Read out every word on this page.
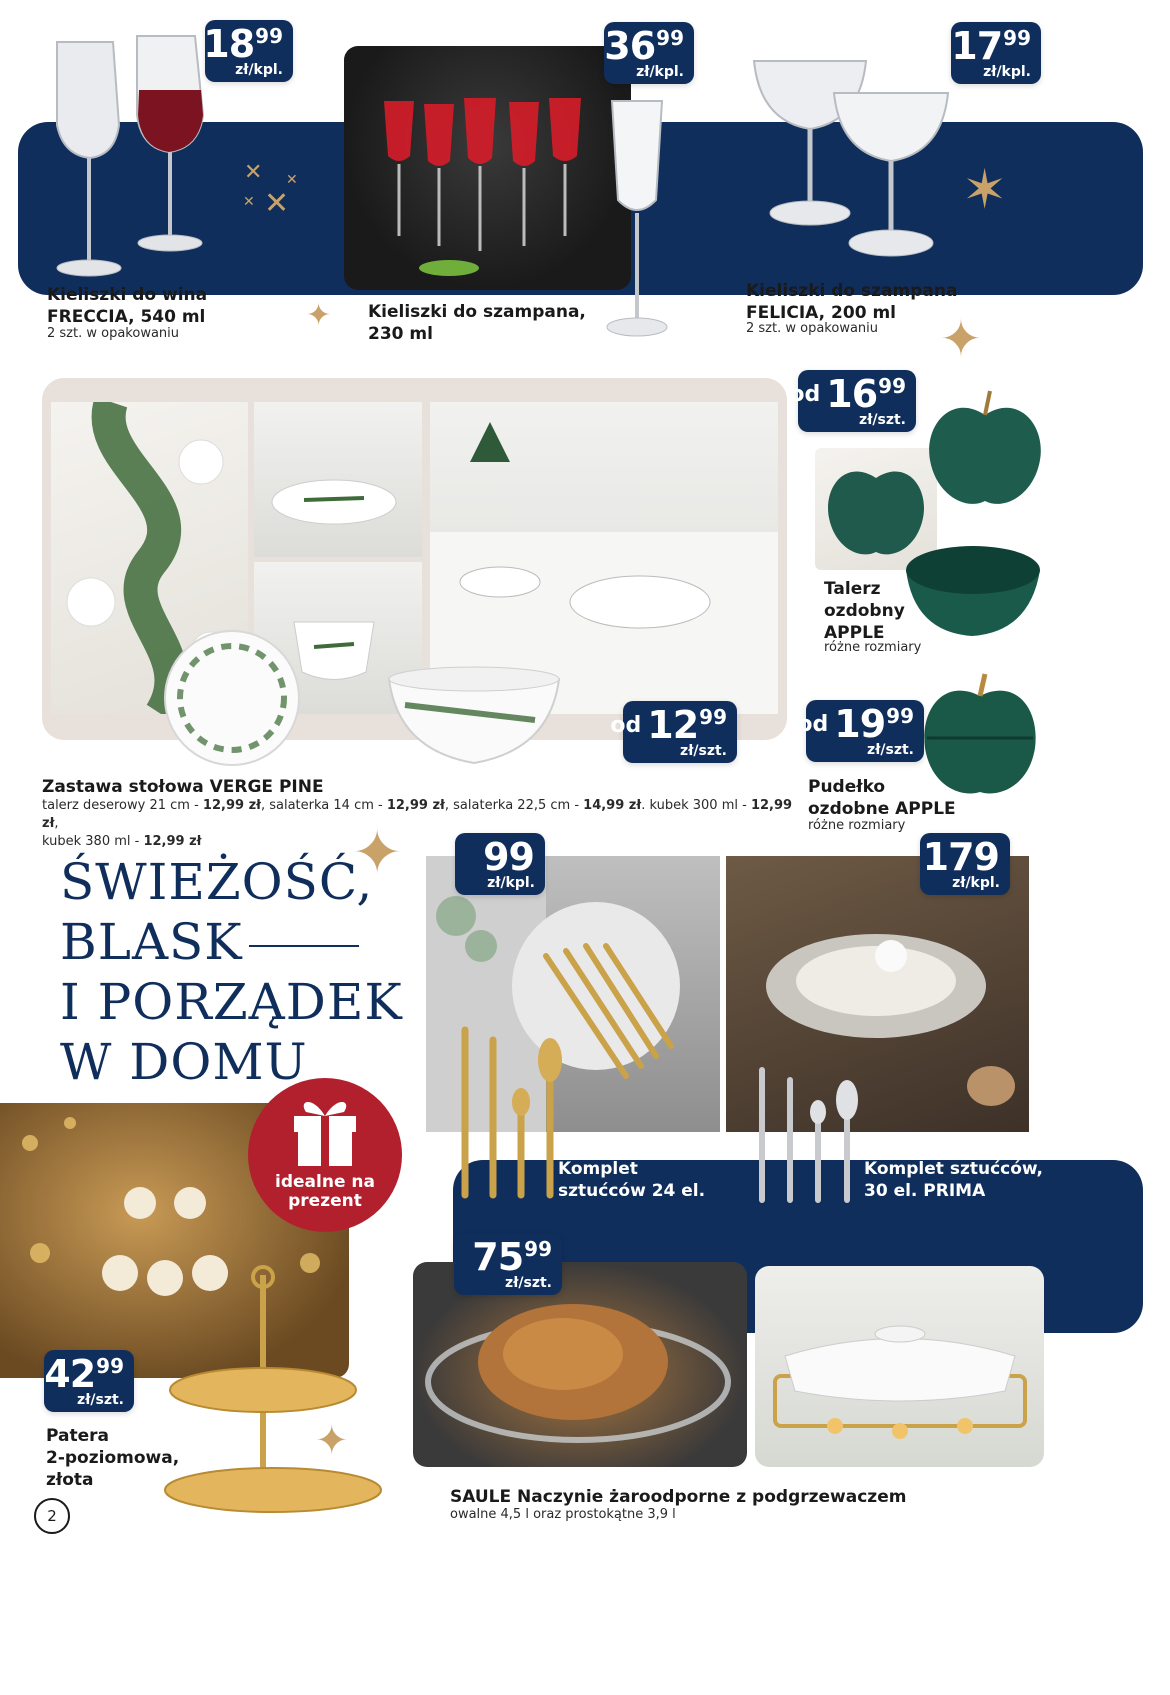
18 99
zł/kpl.
✕
✕
✕
✕
36 99
zł/kpl.
17 99
zł/kpl.
✶
Kieliszki do wina
FRECCIA, 540 ml
2 szt. w opakowaniu
✦ Kieliszki do szampana,
230 ml
Kieliszki do szampana
FELICIA, 200 ml
2 szt. w opakowaniu ✦
od 12 99
zł/szt.
Zastawa stołowa VERGE PINE
talerz deserowy 21 cm - 12,99 zł, salaterka 14 cm - 12,99 zł, salaterka 22,5 cm - 14,99 zł. kubek 300 ml - 12,99 zł,
kubek 380 ml - 12,99 zł
od 16 99
zł/szt.
Talerz
ozdobny
APPLE
różne rozmiary
od 19 99
zł/szt.
Pudełko
ozdobne APPLE
różne rozmiary
✦
ŚWIEŻOŚĆ,
BLASK
I PORZĄDEK
W DOMU
99
zł/kpl.
179
zł/kpl.
Komplet
sztućców 24 el.
Komplet sztućców,
30 el. PRIMA
idealne na
prezent
42 99
zł/szt.
Patera
2-poziomowa,
złota
✦
75 99
zł/szt.
SAULE Naczynie żaroodporne z podgrzewaczem
owalne 4,5 l oraz prostokątne 3,9 l
2
